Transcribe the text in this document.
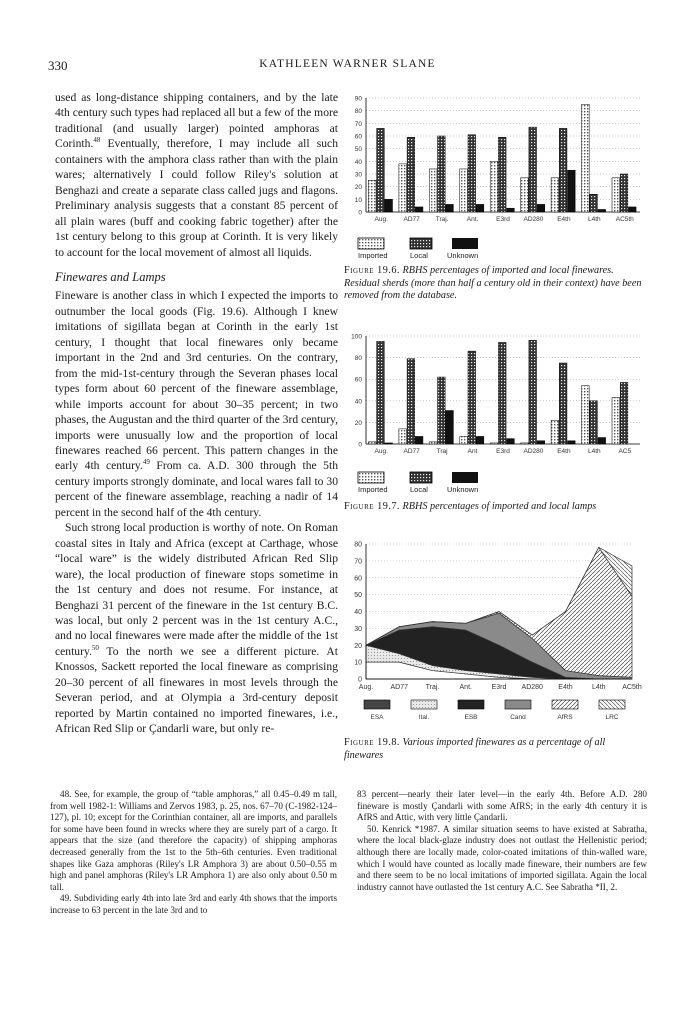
330	KATHLEEN WARNER SLANE

used as long-distance shipping containers, and by the late 4th century such types had replaced all but a few of the more traditional (and usually larger) pointed amphoras at Corinth.$^{48}$ Eventually, therefore, I may include all such containers with the amphora class rather than with the plain wares; alternatively I could follow Riley's solution at Benghazi and create a separate class called jugs and flagons. Preliminary analysis suggests that a constant 85 percent of all plain wares (buff and cooking fabric together) after the 1st century belong to this group at Corinth. It is very likely to account for the local movement of almost all liquids.

Finewares and Lamps

Fineware is another class in which I expected the imports to outnumber the local goods (Fig. 19.6). Although I knew imitations of sigillata began at Corinth in the early 1st century, I thought that local finewares only became important in the 2nd and 3rd centuries. On the contrary, from the mid-1st-century through the Severan phases local types form about 60 percent of the fineware assemblage, while imports account for about 30–35 percent; in two phases, the Augustan and the third quarter of the 3rd century, imports were unusually low and the proportion of local finewares reached 66 percent. This pattern changes in the early 4th century.$^{49}$ From ca. A.D. 300 through the 5th century imports strongly dominate, and local wares fall to 30 percent of the fineware assemblage, reaching a nadir of 14 percent in the second half of the 4th century.

Such strong local production is worthy of note. On Roman coastal sites in Italy and Africa (except at Carthage, whose “local ware” is the widely distributed African Red Slip ware), the local production of fineware stops sometime in the 1st century and does not resume. For instance, at Benghazi 31 percent of the fineware in the 1st century B.C. was local, but only 2 percent was in the 1st century A.C., and no local finewares were made after the middle of the 1st century.$^{50}$ To the north we see a different picture. At Knossos, Sackett reported the local fineware as comprising 20–30 percent of all finewares in most levels through the Severan period, and at Olympia a 3rd-century deposit reported by Martin contained no imported finewares, i.e., African Red Slip or Çandarli ware, but only re-

0
10
20
30
40
50
60
70
80
90
Aug. AD77 Traj.	Ant.	E3rd AD280 E4th	L4th AC5th
Imported	Local	Unknown
Figure 19.6. RBHS percentages of imported and local finewares. Residual sherds (more than half a century old in their context) have been removed from the database.
0
20
40
60
80
100
Aug. AD77	Traj	Ant	E3rd AD280 E4th	L4th	AC5
Imported	Local	Unknown
Figure 19.7. RBHS percentages of imported and local lamps
0
10
20
30
40
50
60
70
80
Aug. AD77	Traj.	Ant.	E3rd AD280 E4th	L4th AC5th
ESA	Ital.	ESB	Cand	AfRS	LRC
Figure 19.8. Various imported finewares as a percentage of all finewares

48. See, for example, the group of “table amphoras,” all 0.45–0.49 m tall, from well 1982-1: Williams and Zervos 1983, p. 25, nos. 67–70 (C-1982-124–127), pl. 10; except for the Corinthian container, all are imports, and parallels for some have been found in wrecks where they are surely part of a cargo. It appears that the size (and therefore the capacity) of shipping amphoras decreased generally from the 1st to the 5th–6th centuries. Even traditional shapes like Gaza amphoras (Riley's LR Amphora 3) are about 0.50–0.55 m high and panel amphoras (Riley's LR Amphora 1) are also only about 0.50 m tall.

49. Subdividing early 4th into late 3rd and early 4th shows that the imports increase to 63 percent in the late 3rd and to

83 percent—nearly their later level—in the early 4th. Before A.D. 280 fineware is mostly Çandarli with some AfRS; in the early 4th century it is AfRS and Attic, with very little Çandarli.

50. Kenrick *1987. A similar situation seems to have existed at Sabratha, where the local black-glaze industry does not outlast the Hellenistic period; although there are locally made, color-coated imitations of thin-walled ware, which I would have counted as locally made fineware, their numbers are few and there seem to be no local imitations of imported sigillata. Again the local industry cannot have outlasted the 1st century A.C. See Sabratha *II, 2.
